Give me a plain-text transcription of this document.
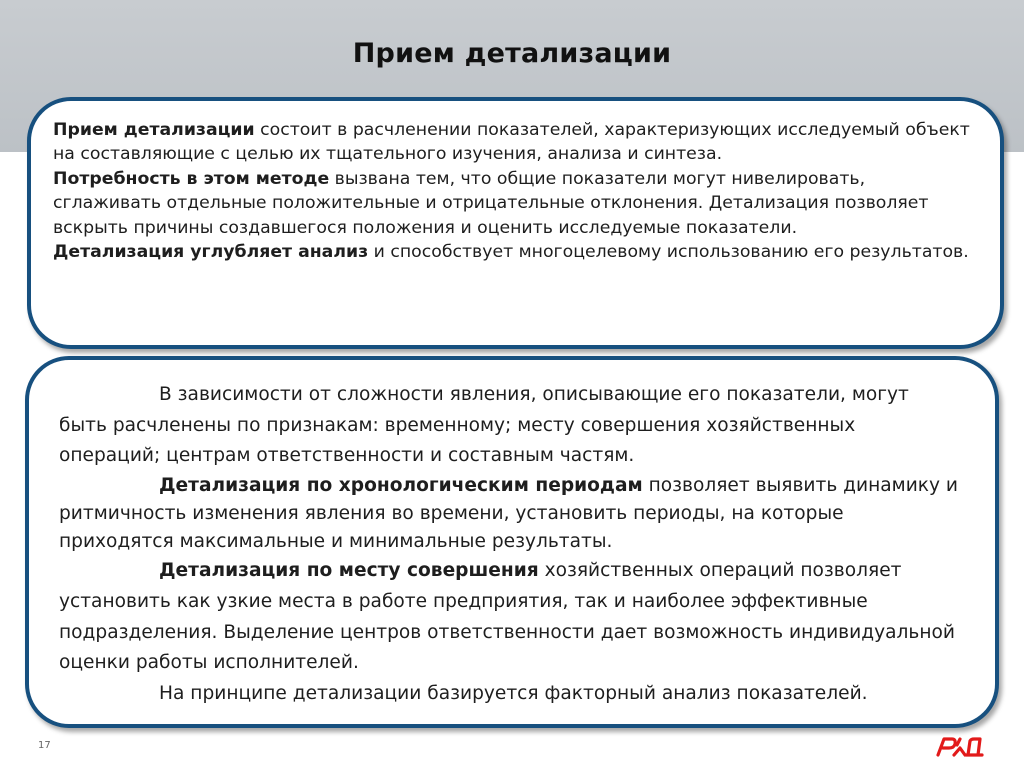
Прием детализации

Прием детализации состоит в расчленении показателей, характеризующих исследуемый объект на составляющие с целью их тщательного изучения, анализа и синтеза.

Потребность в этом методе вызвана тем, что общие показатели могут нивелировать, сглаживать отдельные положительные и отрицательные отклонения. Детализация позволяет вскрыть причины создавшегося положения и оценить исследуемые показатели.

Детализация углубляет анализ и способствует многоцелевому использованию его результатов.

В зависимости от сложности явления, описывающие его показатели, могут быть расчленены по признакам: временному; месту совершения хозяйственных операций; центрам ответственности и составным частям.

Детализация по хронологическим периодам позволяет выявить динамику и ритмичность изменения явления во времени, установить периоды, на которые приходятся максимальные и минимальные результаты.

Детализация по месту совершения хозяйственных операций позволяет установить как узкие места в работе предприятия, так и наиболее эффективные подразделения. Выделение центров ответственности дает возможность индивидуальной оценки работы исполнителей.

На принципе детализации базируется факторный анализ показателей.

17
